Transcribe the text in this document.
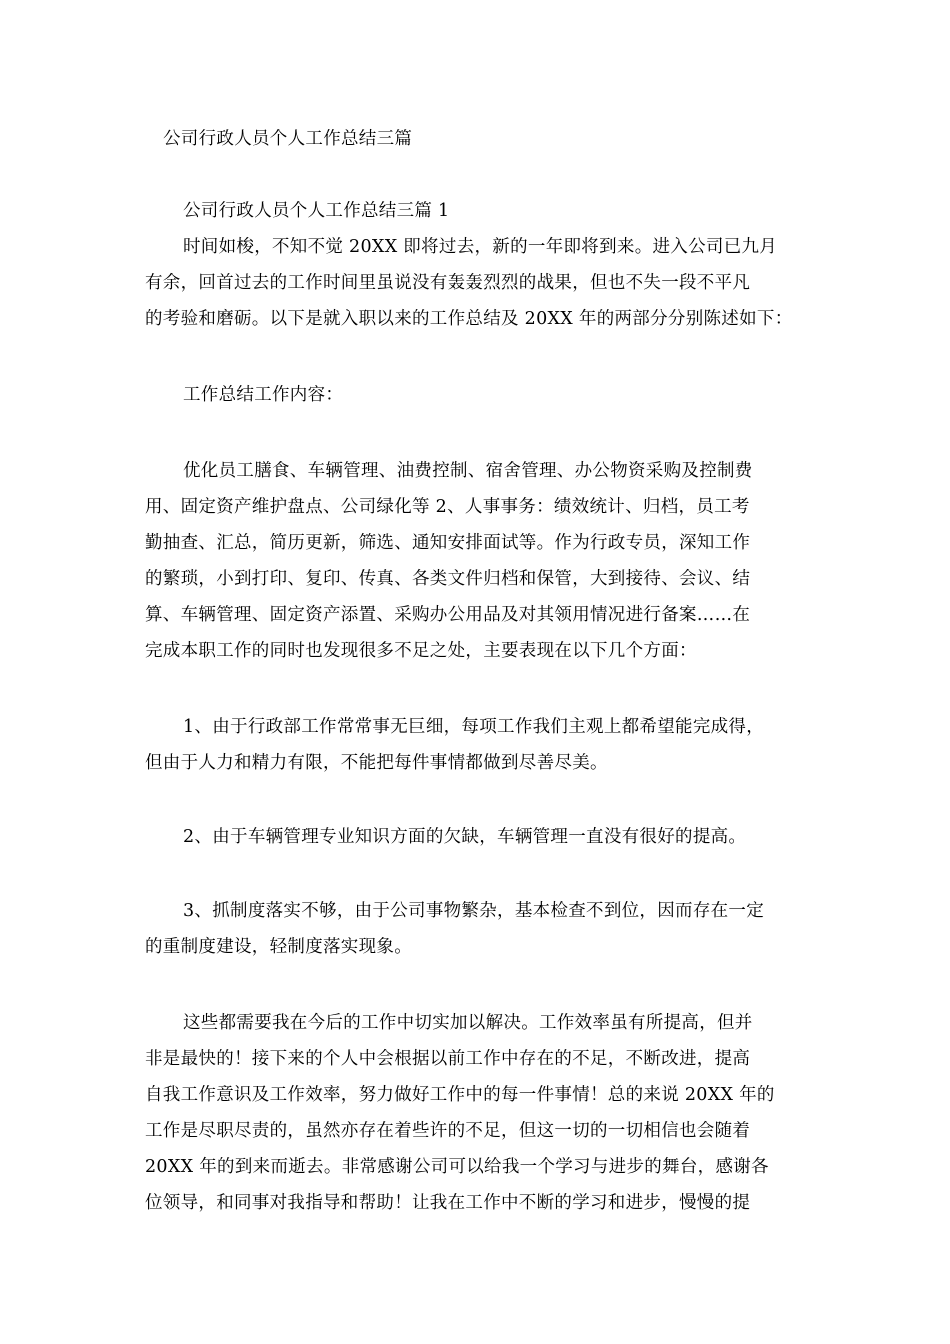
公司行政人员个人工作总结三篇
公司行政人员个人工作总结三篇 1
时间如梭，不知不觉 20XX 即将过去，新的一年即将到来。进入公司已九月
有余，回首过去的工作时间里虽说没有轰轰烈烈的战果，但也不失一段不平凡
的考验和磨砺。以下是就入职以来的工作总结及 20XX 年的两部分分别陈述如下：
工作总结工作内容：
优化员工膳食、车辆管理、油费控制、宿舍管理、办公物资采购及控制费
用、固定资产维护盘点、公司绿化等 2、人事事务：绩效统计、归档，员工考
勤抽查、汇总，简历更新，筛选、通知安排面试等。作为行政专员，深知工作
的繁琐，小到打印、复印、传真、各类文件归档和保管，大到接待、会议、结
算、车辆管理、固定资产添置、采购办公用品及对其领用情况进行备案……在
完成本职工作的同时也发现很多不足之处，主要表现在以下几个方面：
1、由于行政部工作常常事无巨细，每项工作我们主观上都希望能完成得，
但由于人力和精力有限，不能把每件事情都做到尽善尽美。
2、由于车辆管理专业知识方面的欠缺，车辆管理一直没有很好的提高。
3、抓制度落实不够，由于公司事物繁杂，基本检查不到位，因而存在一定
的重制度建设，轻制度落实现象。
这些都需要我在今后的工作中切实加以解决。工作效率虽有所提高，但并
非是最快的！接下来的个人中会根据以前工作中存在的不足，不断改进，提高
自我工作意识及工作效率，努力做好工作中的每一件事情！总的来说 20XX 年的
工作是尽职尽责的，虽然亦存在着些许的不足，但这一切的一切相信也会随着
20XX 年的到来而逝去。非常感谢公司可以给我一个学习与进步的舞台，感谢各
位领导，和同事对我指导和帮助！让我在工作中不断的学习和进步，慢慢的提
